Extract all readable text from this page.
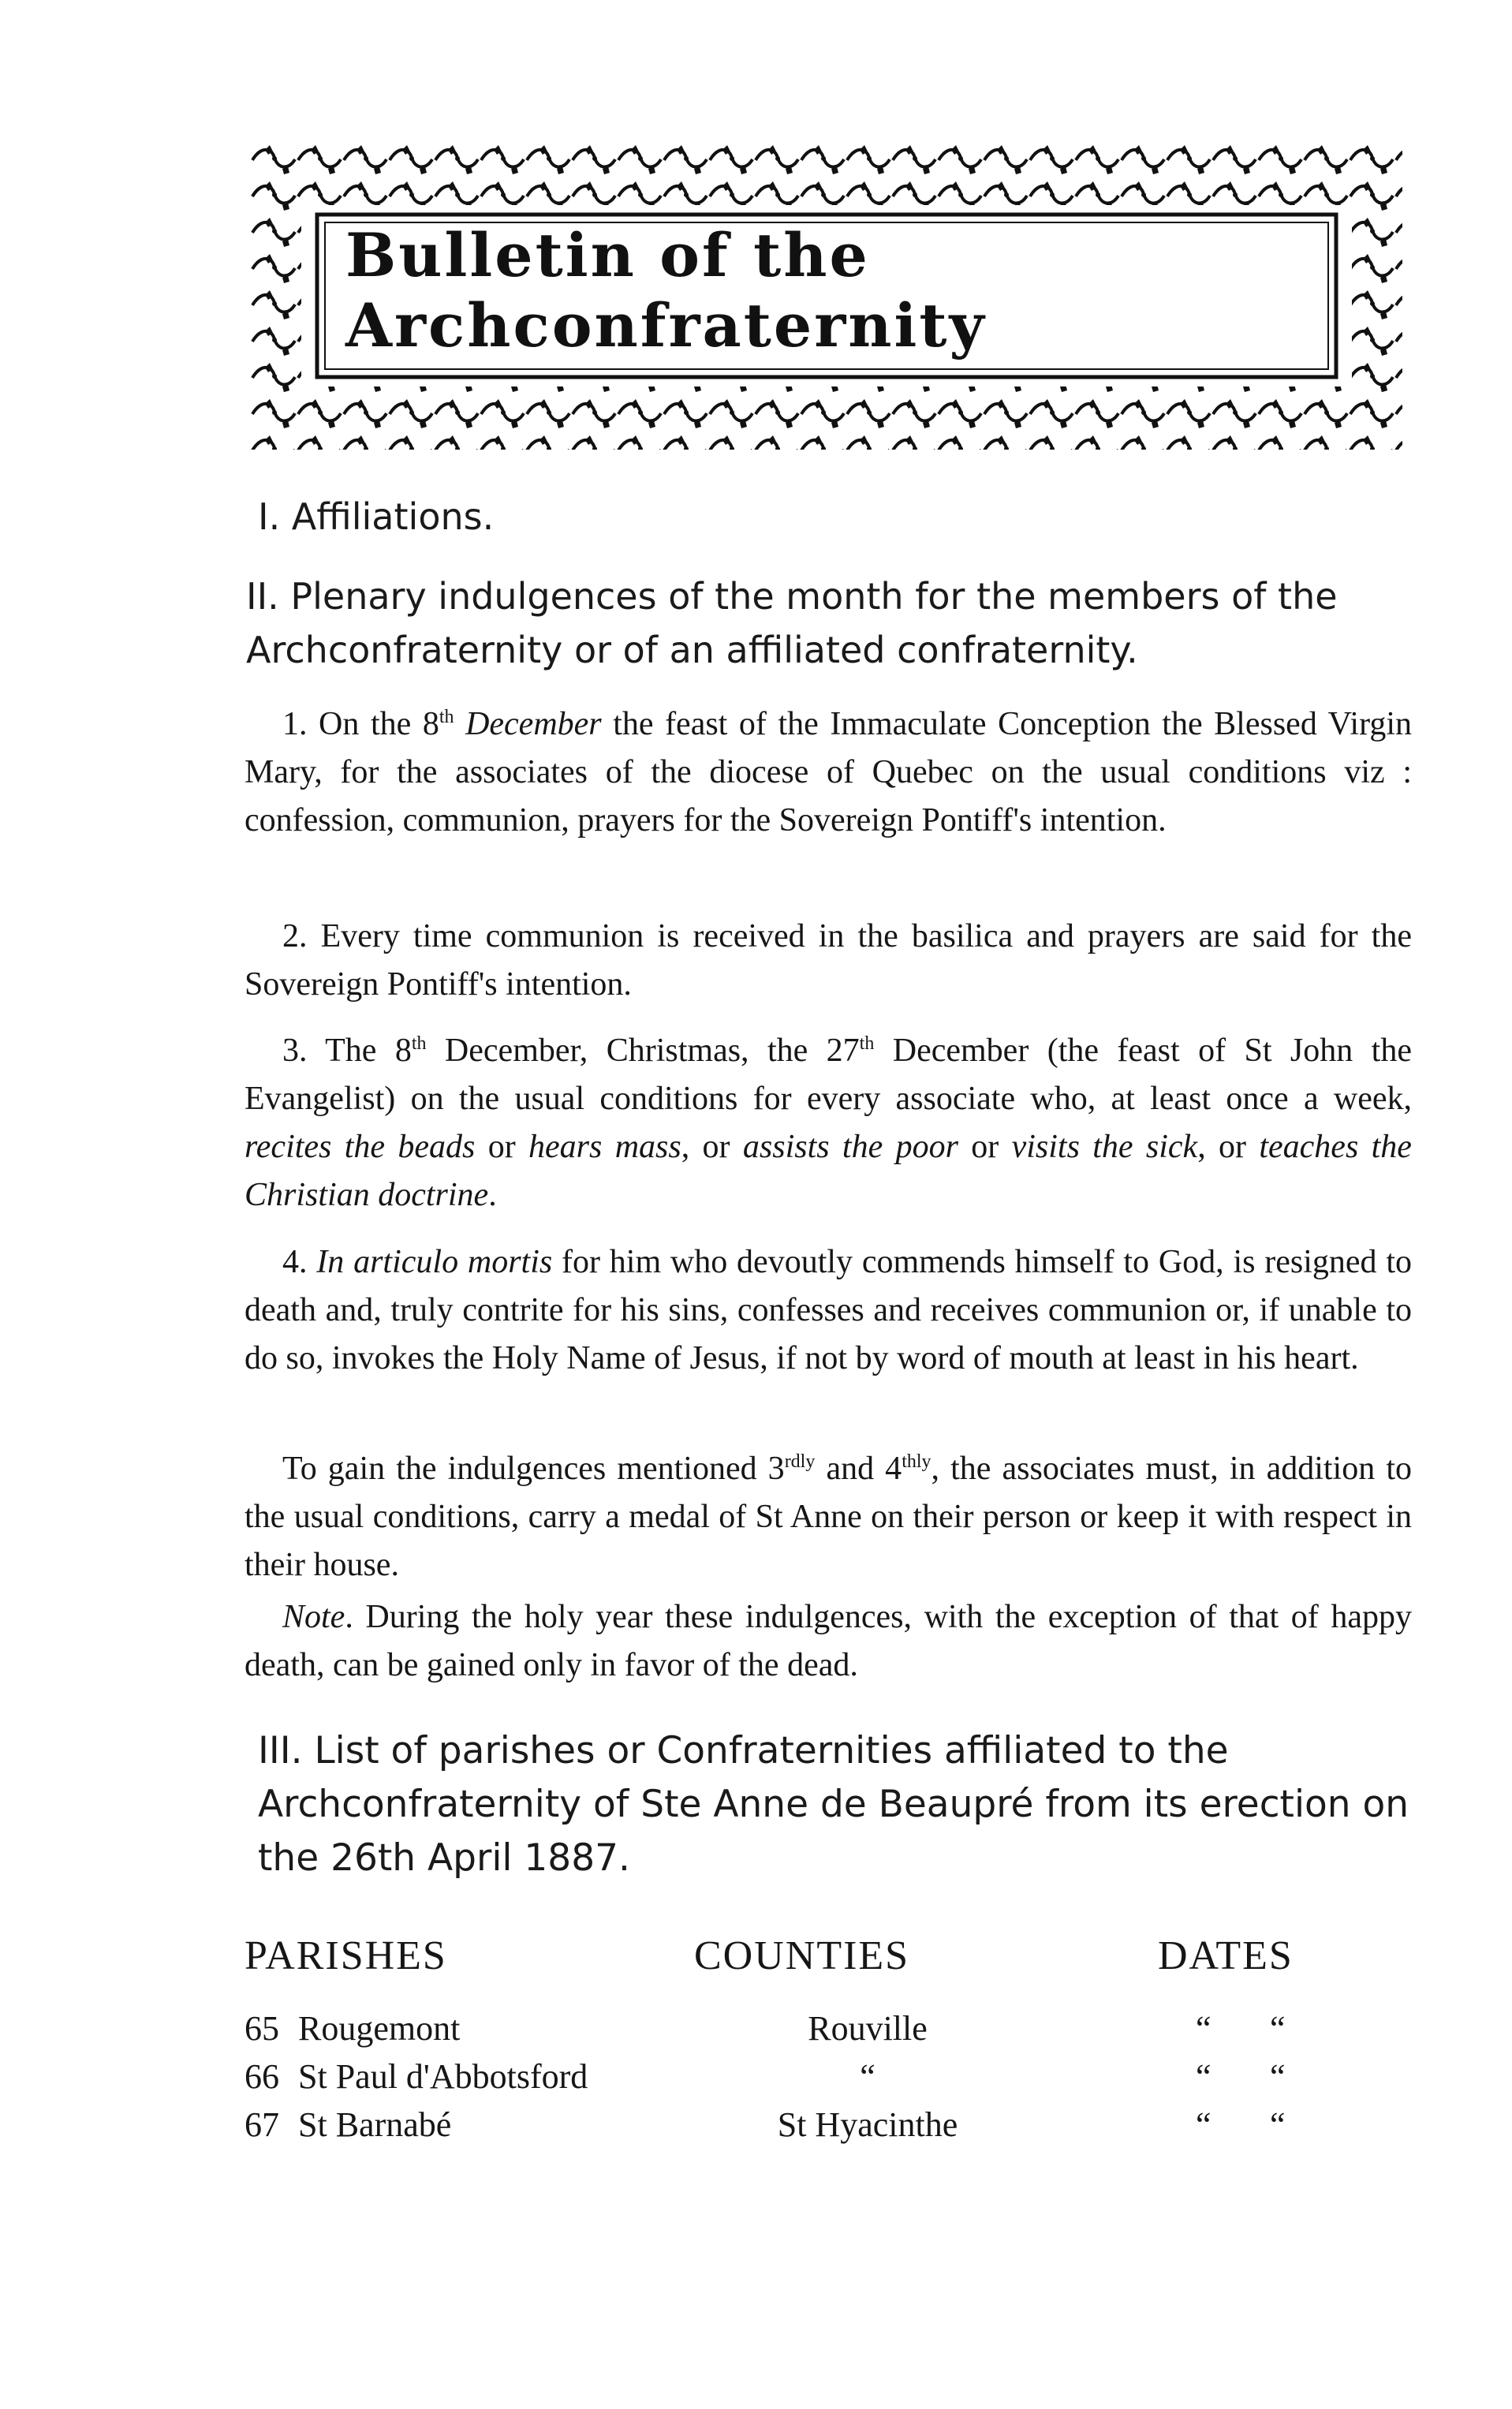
Bulletin of the Archconfraternity
I. Affiliations.
II. Plenary indulgences of the month for the members of the Archconfraternity or of an affiliated confraternity.

1. On the 8th December the feast of the Immaculate Conception the Blessed Virgin Mary, for the associates of the diocese of Quebec on the usual conditions viz : confession, communion, prayers for the Sovereign Pontiff's intention.

2. Every time communion is received in the basilica and prayers are said for the Sovereign Pontiff's intention.

3. The 8th December, Christmas, the 27th December (the feast of St John the Evangelist) on the usual conditions for every associate who, at least once a week, recites the beads or hears mass, or assists the poor or visits the sick, or teaches the Christian doctrine.

4. In articulo mortis for him who devoutly commends himself to God, is resigned to death and, truly contrite for his sins, confesses and receives communion or, if unable to do so, invokes the Holy Name of Jesus, if not by word of mouth at least in his heart.

To gain the indulgences mentioned $3^{rdly}$ and $4^{thly}$, the associates must, in addition to the usual conditions, carry a medal of St Anne on their person or keep it with respect in their house.

Note. During the holy year these indulgences, with the exception of that of happy death, can be gained only in favor of the dead.

III. List of parishes or Confraternities affiliated to the Archconfraternity of Ste Anne de Beaupré from its erection on the 26th April 1887.
PARISHES	COUNTIES	DATES
65 Rougemont	Rouville	“ “
66 St Paul d'Abbotsford	“	“ “
67 St Barnabé	St Hyacinthe	“ “
